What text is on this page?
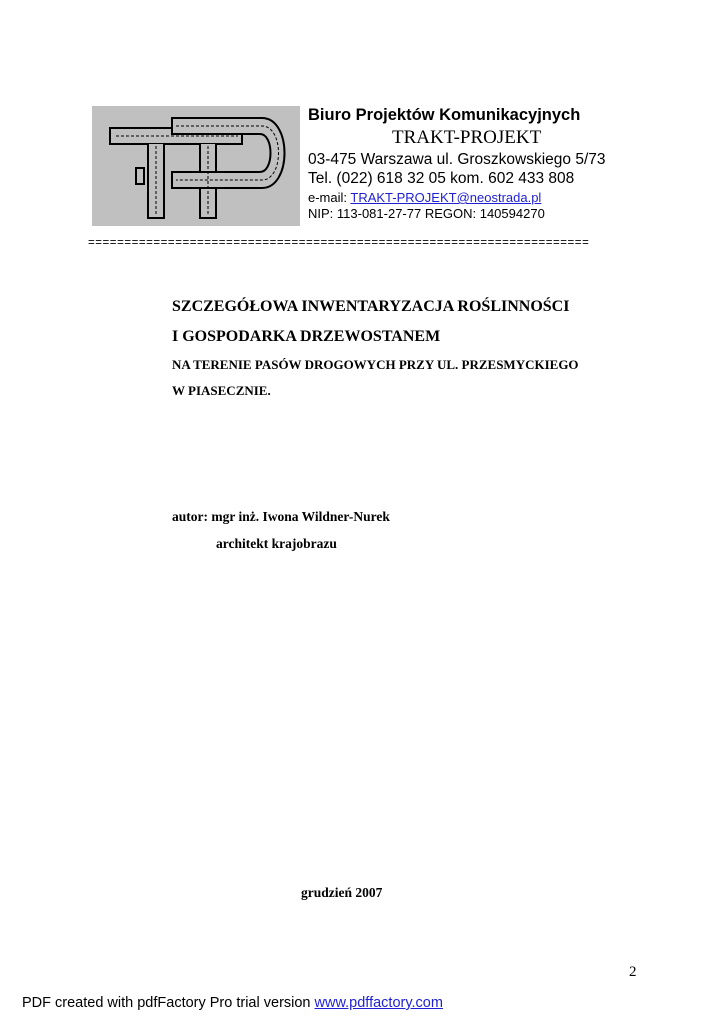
Biuro Projektów Komunikacyjnych
TRAKT-PROJEKT
03-475 Warszawa ul. Groszkowskiego 5/73
Tel. (022) 618 32 05 kom. 602 433 808
e-mail: TRAKT-PROJEKT@neostrada.pl
NIP: 113-081-27-77 REGON: 140594270
=====================================================================
SZCZEGÓŁOWA INWENTARYZACJA ROŚLINNOŚCI
I GOSPODARKA DRZEWOSTANEM
NA TERENIE PASÓW DROGOWYCH PRZY UL. PRZESMYCKIEGO
W PIASECZNIE.
autor: mgr inż. Iwona Wildner-Nurek
architekt krajobrazu
grudzień 2007
2
PDF created with pdfFactory Pro trial version www.pdffactory.com
